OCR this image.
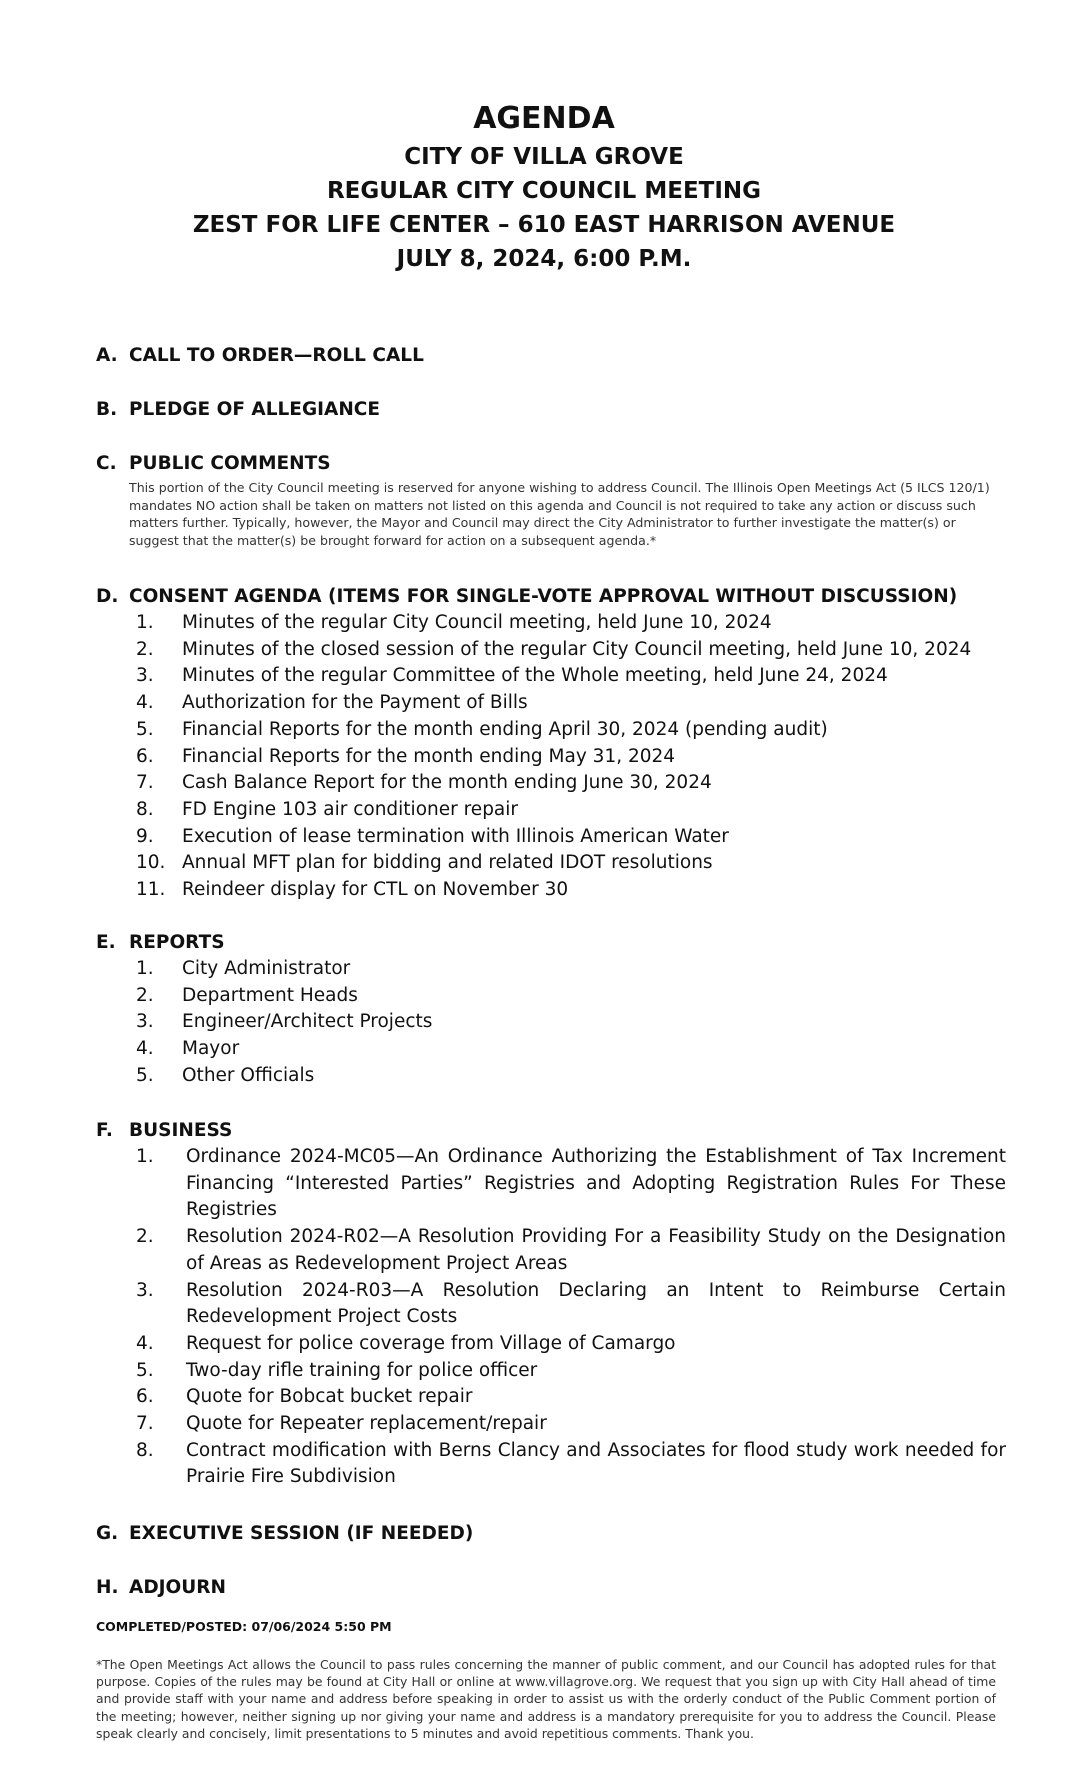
AGENDA
CITY OF VILLA GROVE
REGULAR CITY COUNCIL MEETING
ZEST FOR LIFE CENTER – 610 EAST HARRISON AVENUE
JULY 8, 2024, 6:00 P.M.
A. CALL TO ORDER—ROLL CALL
B. PLEDGE OF ALLEGIANCE
C. PUBLIC COMMENTS
This portion of the City Council meeting is reserved for anyone wishing to address Council. The Illinois Open Meetings Act (5 ILCS 120/1) mandates NO action shall be taken on matters not listed on this agenda and Council is not required to take any action or discuss such matters further. Typically, however, the Mayor and Council may direct the City Administrator to further investigate the matter(s) or suggest that the matter(s) be brought forward for action on a subsequent agenda.*
D. CONSENT AGENDA (ITEMS FOR SINGLE-VOTE APPROVAL WITHOUT DISCUSSION)
1.	Minutes of the regular City Council meeting, held June 10, 2024
2.	Minutes of the closed session of the regular City Council meeting, held June 10, 2024
3.	Minutes of the regular Committee of the Whole meeting, held June 24, 2024
4.	Authorization for the Payment of Bills
5.	Financial Reports for the month ending April 30, 2024 (pending audit)
6.	Financial Reports for the month ending May 31, 2024
7.	Cash Balance Report for the month ending June 30, 2024
8.	FD Engine 103 air conditioner repair
9.	Execution of lease termination with Illinois American Water
10. Annual MFT plan for bidding and related IDOT resolutions
11. Reindeer display for CTL on November 30
E. REPORTS
1.	City Administrator
2.	Department Heads
3.	Engineer/Architect Projects
4.	Mayor
5.	Other Officials
F. BUSINESS
1.	Ordinance 2024-MC05—An Ordinance Authorizing the Establishment of Tax Increment Financing “Interested Parties” Registries and Adopting Registration Rules For These Registries
2.	Resolution 2024-R02—A Resolution Providing For a Feasibility Study on the Designation of Areas as Redevelopment Project Areas
3.	Resolution 2024-R03—A Resolution Declaring an Intent to Reimburse Certain Redevelopment Project Costs
4.	Request for police coverage from Village of Camargo
5.	Two-day rifle training for police officer
6.	Quote for Bobcat bucket repair
7.	Quote for Repeater replacement/repair
8.	Contract modification with Berns Clancy and Associates for flood study work needed for Prairie Fire Subdivision
G. EXECUTIVE SESSION (IF NEEDED)
H. ADJOURN
COMPLETED/POSTED: 07/06/2024 5:50 PM
*The Open Meetings Act allows the Council to pass rules concerning the manner of public comment, and our Council has adopted rules for that purpose. Copies of the rules may be found at City Hall or online at www.villagrove.org. We request that you sign up with City Hall ahead of time and provide staff with your name and address before speaking in order to assist us with the orderly conduct of the Public Comment portion of the meeting; however, neither signing up nor giving your name and address is a mandatory prerequisite for you to address the Council. Please speak clearly and concisely, limit presentations to 5 minutes and avoid repetitious comments. Thank you.
